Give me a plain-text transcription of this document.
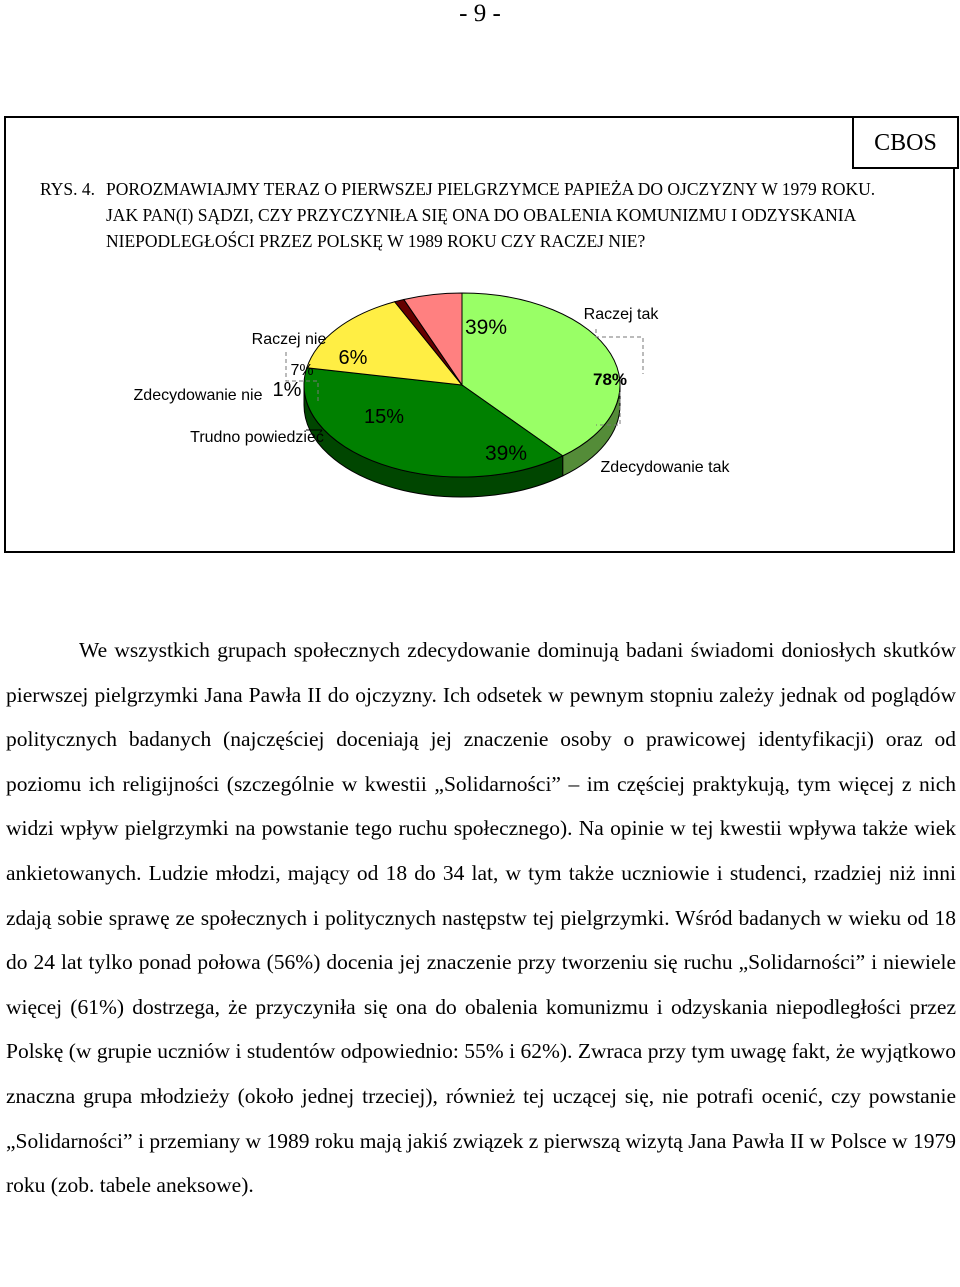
- 9 -
CBOS
RYS. 4. POROZMAWIAJMY TERAZ O PIERWSZEJ PIELGRZYMCE PAPIEŻA DO OJCZYZNY W 1979 ROKU. JAK PAN(I) SĄDZI, CZY PRZYCZYNIŁA SIĘ ONA DO OBALENIA KOMUNIZMU I ODZYSKANIA NIEPODLEGŁOŚCI PRZEZ POLSKĘ W 1989 ROKU CZY RACZEJ NIE?
39%
39%
15%
1%
6%
Raczej tak
Zdecydowanie tak
Trudno powiedzieć
Zdecydowanie nie
Raczej nie
78%
7%

We wszystkich grupach społecznych zdecydowanie dominują badani świadomi doniosłych skutków pierwszej pielgrzymki Jana Pawła II do ojczyzny. Ich odsetek w pewnym stopniu zależy jednak od poglądów politycznych badanych (najczęściej doceniają jej znaczenie osoby o prawicowej identyfikacji) oraz od poziomu ich religijności (szczególnie w kwestii „Solidarności” – im częściej praktykują, tym więcej z nich widzi wpływ pielgrzymki na powstanie tego ruchu społecznego). Na opinie w tej kwestii wpływa także wiek ankietowanych. Ludzie młodzi, mający od 18 do 34 lat, w tym także uczniowie i studenci, rzadziej niż inni zdają sobie sprawę ze społecznych i politycznych następstw tej pielgrzymki. Wśród badanych w wieku od 18 do 24 lat tylko ponad połowa (56%) docenia jej znaczenie przy tworzeniu się ruchu „Solidarności” i niewiele więcej (61%) dostrzega, że przyczyniła się ona do obalenia komunizmu i odzyskania niepodległości przez Polskę (w grupie uczniów i studentów odpowiednio: 55% i 62%). Zwraca przy tym uwagę fakt, że wyjątkowo znaczna grupa młodzieży (około jednej trzeciej), również tej uczącej się, nie potrafi ocenić, czy powstanie „Solidarności” i przemiany w 1989 roku mają jakiś związek z pierwszą wizytą Jana Pawła II w Polsce w 1979 roku (zob. tabele aneksowe).
